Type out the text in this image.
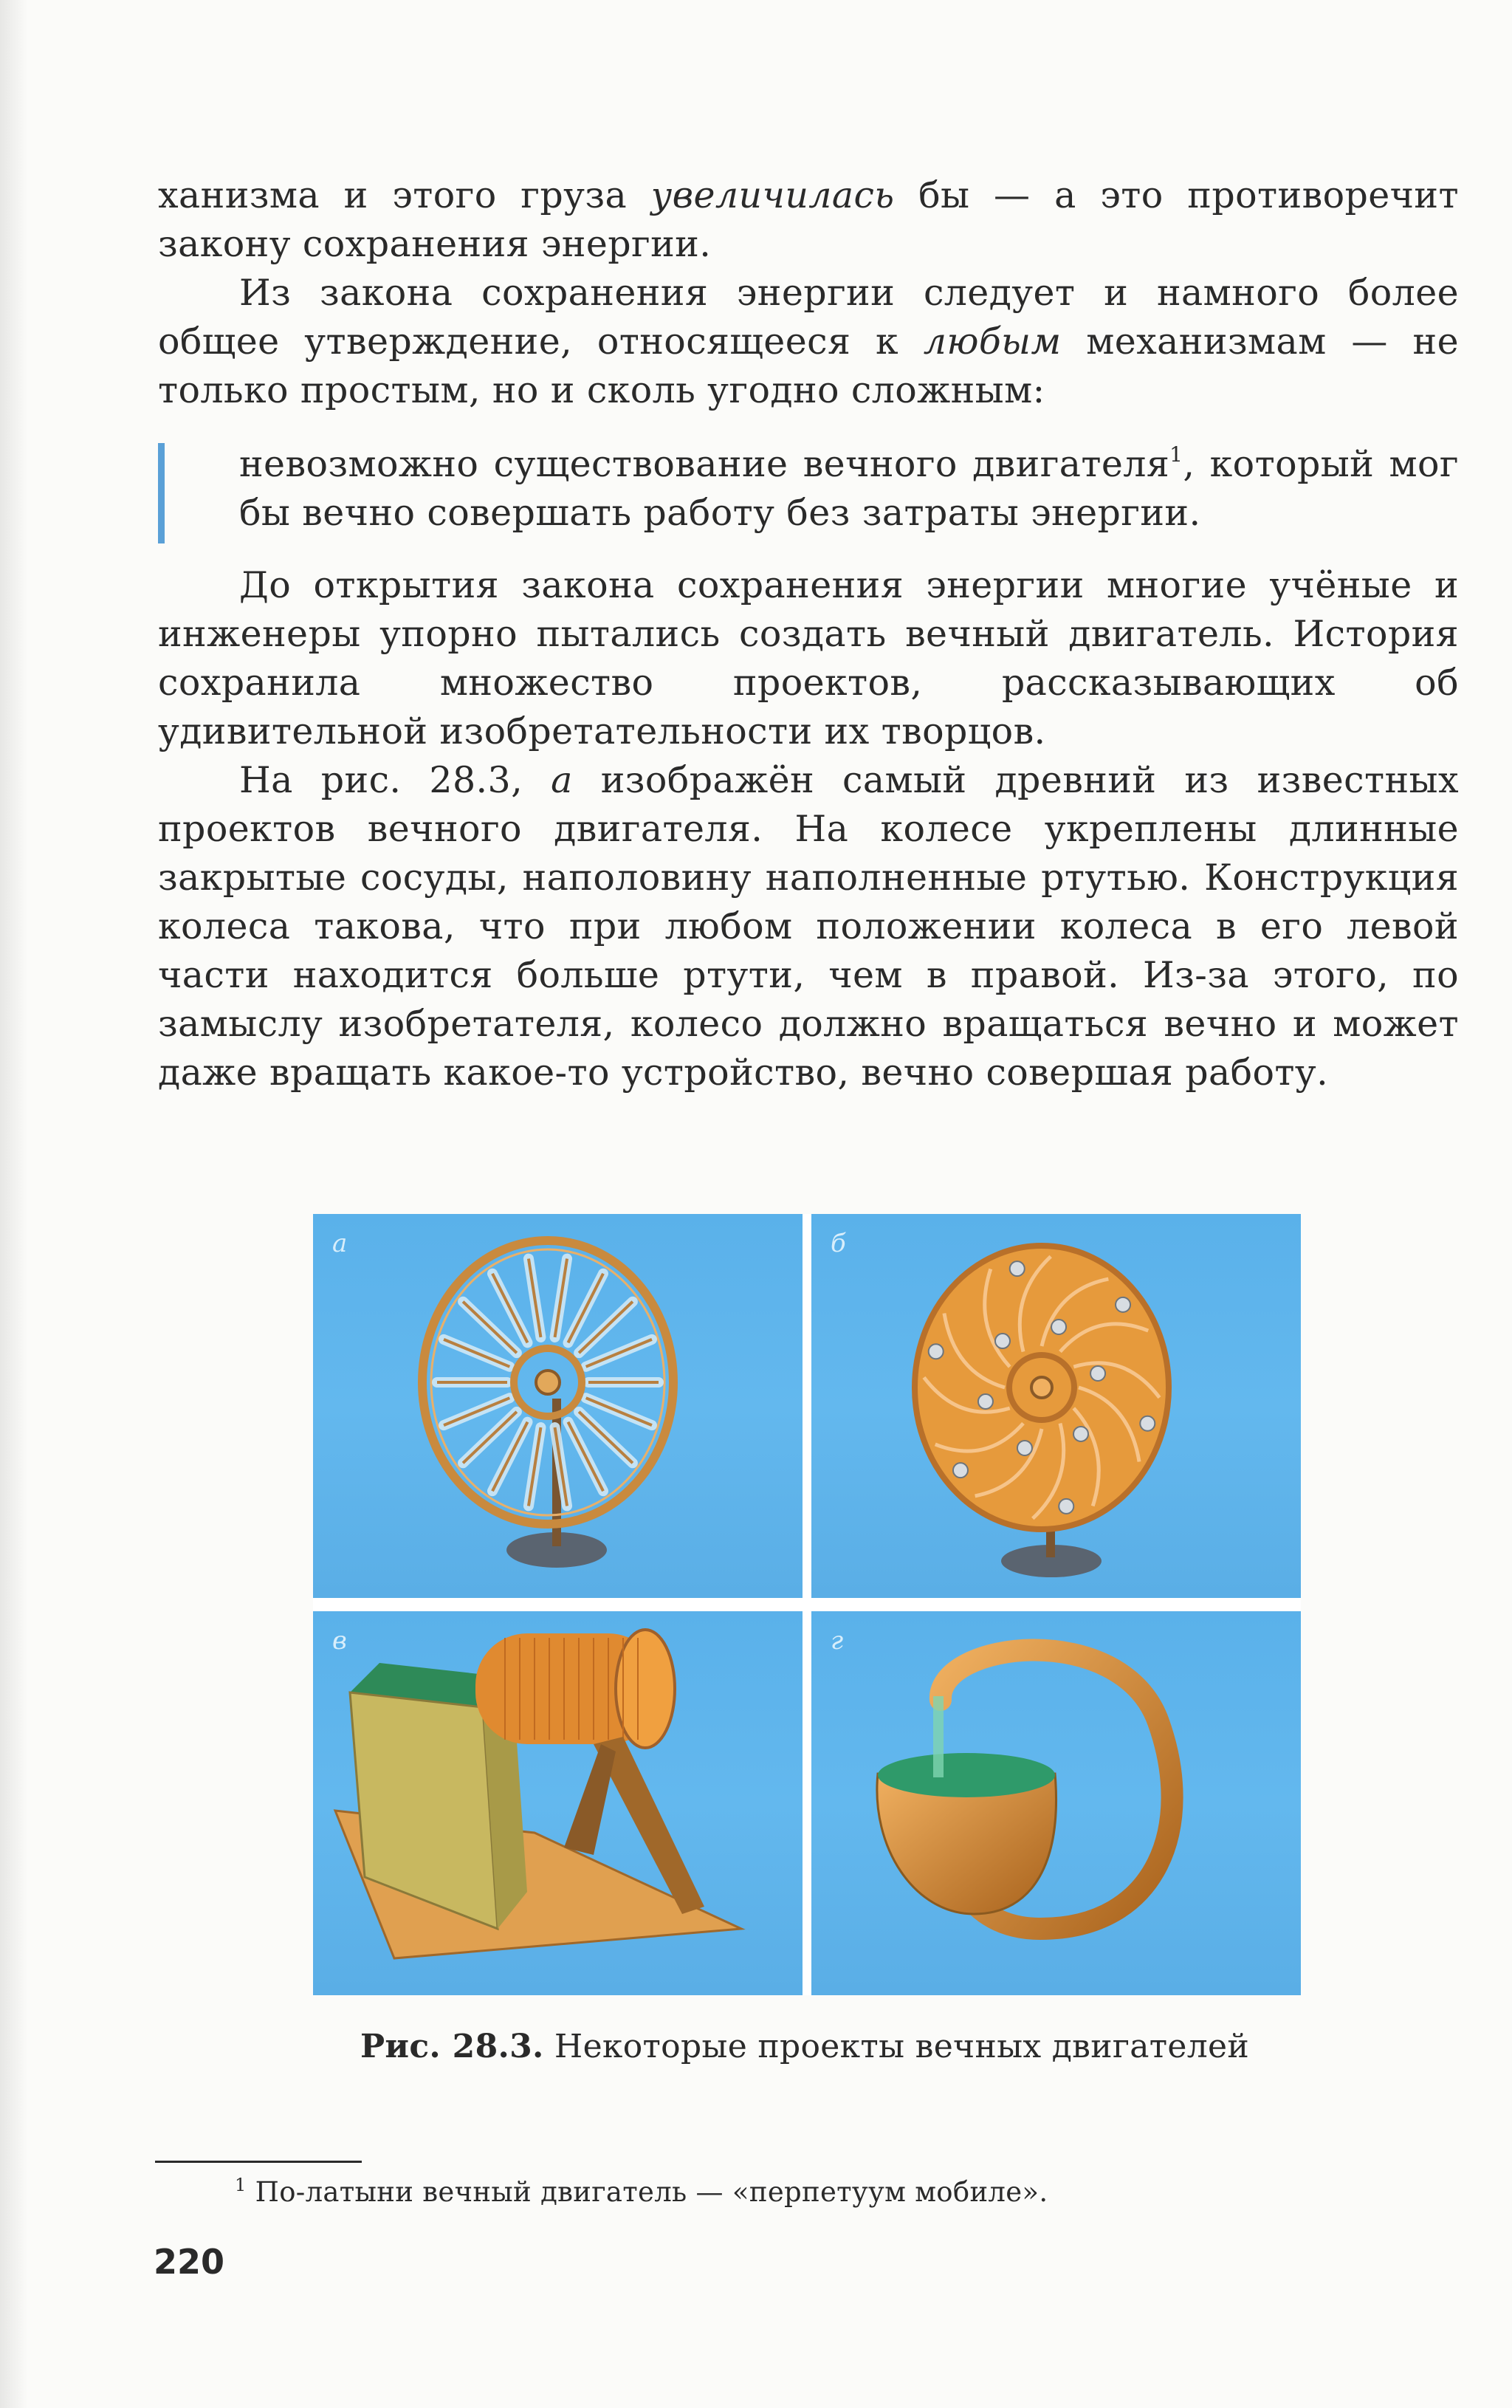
ханизма и этого груза увеличилась бы — а это противоречит закону сохранения энергии.

Из закона сохранения энергии следует и намного более общее утверждение, относящееся к любым механизмам — не только простым, но и сколь угодно сложным:

невозможно существование вечного двигателя$^1$, который мог бы вечно совершать работу без затраты энергии.

До открытия закона сохранения энергии многие учёные и инженеры упорно пытались создать вечный двигатель. История сохранила множество проектов, рассказывающих об удивительной изобретательности их творцов.

На рис. 28.3, а изображён самый древний из известных проектов вечного двигателя. На колесе укреплены длинные закрытые сосуды, наполовину наполненные ртутью. Конструкция колеса такова, что при любом положении колеса в его левой части находится больше ртути, чем в правой. Из-за этого, по замыслу изобретателя, колесо должно вращаться вечно и может даже вращать какое-то устройство, вечно совершая работу.

а	б
в	г
Рис. 28.3. Некоторые проекты вечных двигателей
$^1$ По-латыни вечный двигатель — «перпетуум мобиле».
220
